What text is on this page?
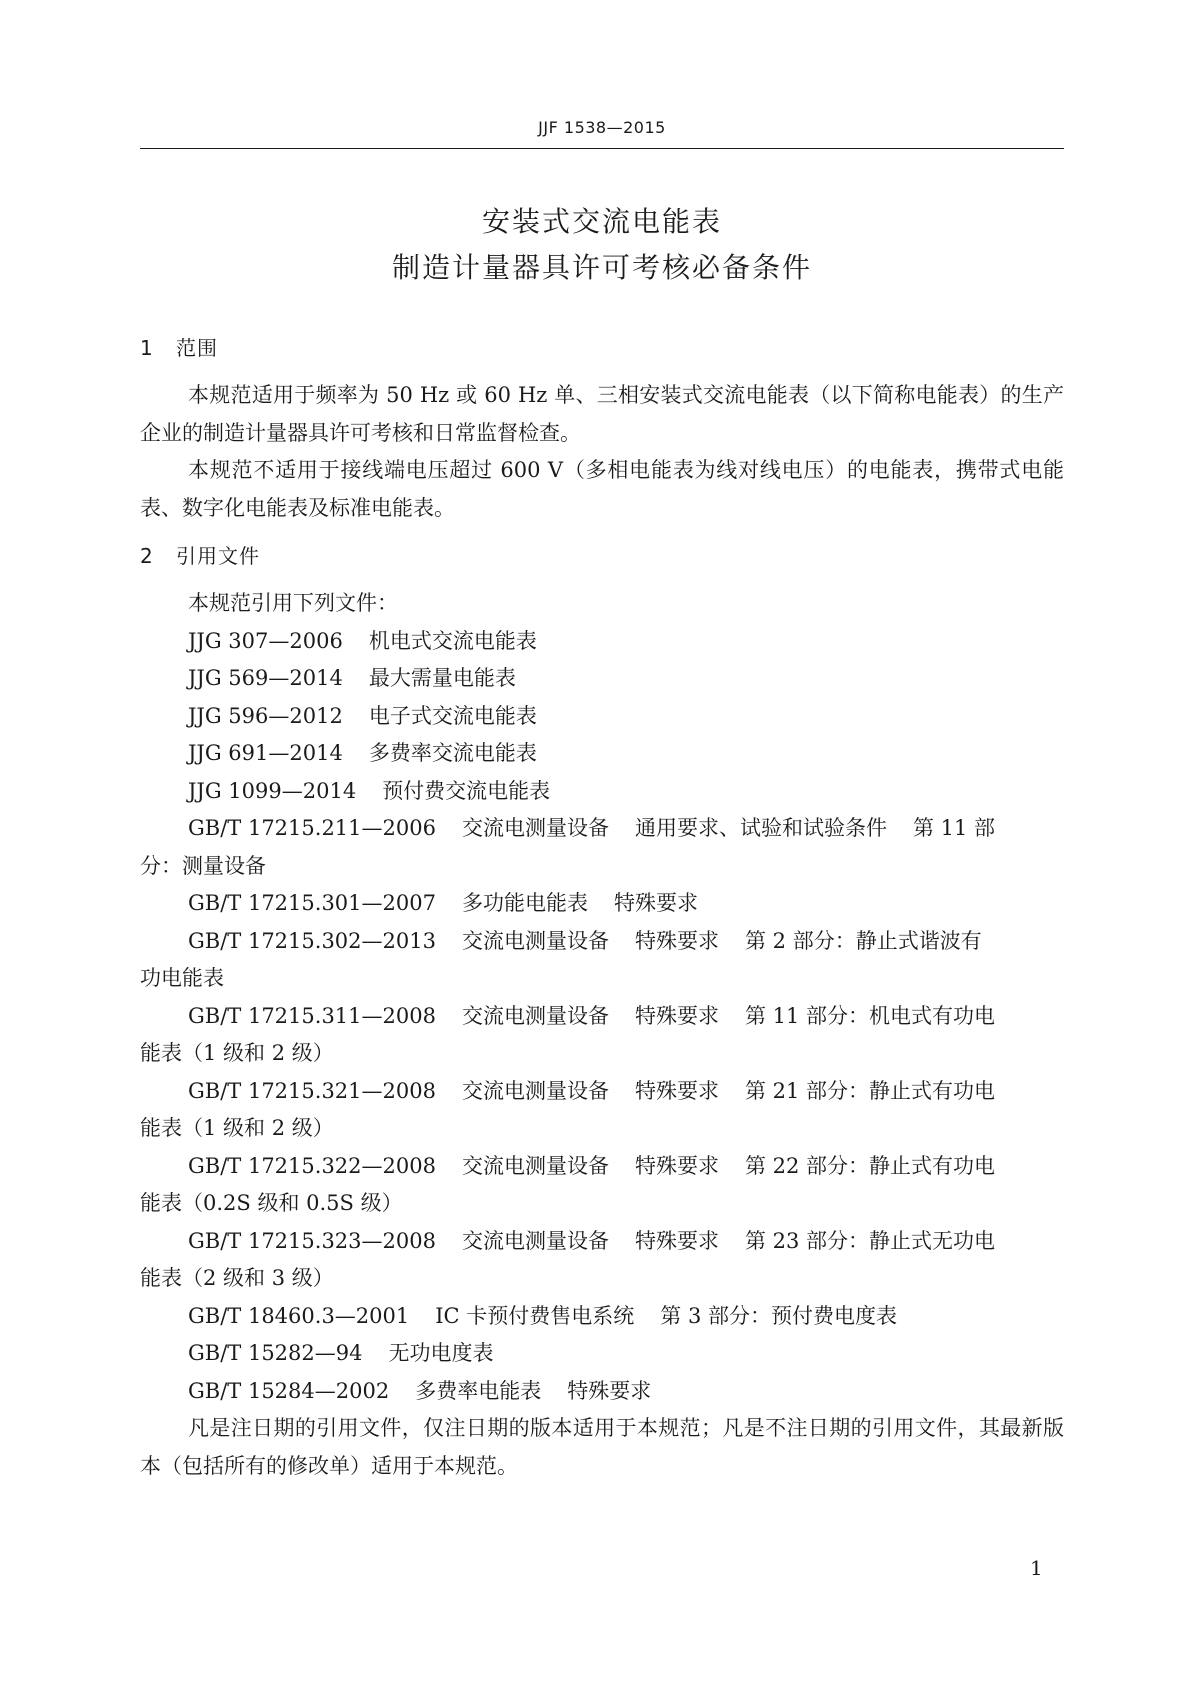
JJF 1538—2015
安装式交流电能表
制造计量器具许可考核必备条件
1 范围

本规范适用于频率为 50 Hz 或 60 Hz 单、三相安装式交流电能表（以下简称电能表）的生产企业的制造计量器具许可考核和日常监督检查。

本规范不适用于接线端电压超过 600 V（多相电能表为线对线电压）的电能表，携带式电能表、数字化电能表及标准电能表。

2 引用文件

本规范引用下列文件：

JJG 307—2006 机电式交流电能表

JJG 569—2014 最大需量电能表

JJG 596—2012 电子式交流电能表

JJG 691—2014 多费率交流电能表

JJG 1099—2014 预付费交流电能表

GB/T 17215.211—2006 交流电测量设备 通用要求、试验和试验条件 第 11 部
分：测量设备

GB/T 17215.301—2007 多功能电能表 特殊要求

GB/T 17215.302—2013 交流电测量设备 特殊要求 第 2 部分：静止式谐波有
功电能表

GB/T 17215.311—2008 交流电测量设备 特殊要求 第 11 部分：机电式有功电
能表（1 级和 2 级）

GB/T 17215.321—2008 交流电测量设备 特殊要求 第 21 部分：静止式有功电
能表（1 级和 2 级）

GB/T 17215.322—2008 交流电测量设备 特殊要求 第 22 部分：静止式有功电
能表（0.2S 级和 0.5S 级）

GB/T 17215.323—2008 交流电测量设备 特殊要求 第 23 部分：静止式无功电
能表（2 级和 3 级）

GB/T 18460.3—2001 IC 卡预付费售电系统 第 3 部分：预付费电度表

GB/T 15282—94 无功电度表

GB/T 15284—2002 多费率电能表 特殊要求

凡是注日期的引用文件，仅注日期的版本适用于本规范；凡是不注日期的引用文件，其最新版本（包括所有的修改单）适用于本规范。

1
